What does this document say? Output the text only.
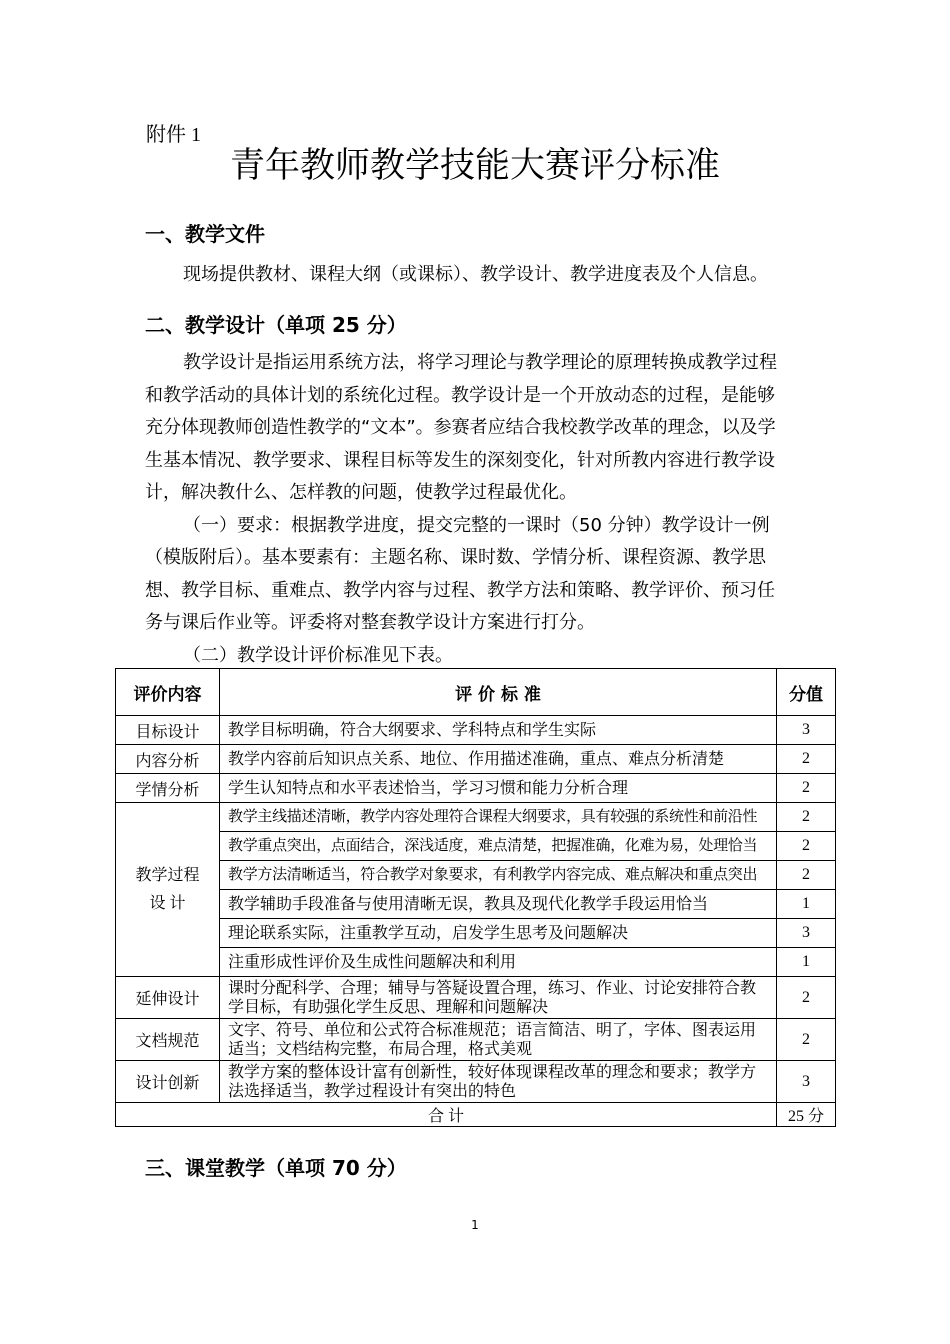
附件 1
青年教师教学技能大赛评分标准
一、教学文件
现场提供教材、课程大纲（或课标）、教学设计、教学进度表及个人信息。
二、教学设计（单项 25 分）
教学设计是指运用系统方法，将学习理论与教学理论的原理转换成教学过程
和教学活动的具体计划的系统化过程。教学设计是一个开放动态的过程，是能够
充分体现教师创造性教学的“文本”。参赛者应结合我校教学改革的理念，以及学
生基本情况、教学要求、课程目标等发生的深刻变化，针对所教内容进行教学设
计，解决教什么、怎样教的问题，使教学过程最优化。
（一）要求：根据教学进度，提交完整的一课时（50 分钟）教学设计一例
（模版附后）。基本要素有：主题名称、课时数、学情分析、课程资源、教学思
想、教学目标、重难点、教学内容与过程、教学方法和策略、教学评价、预习任
务与课后作业等。评委将对整套教学设计方案进行打分。
（二）教学设计评价标准见下表。
评价内容	评 价 标 准	分值
目标设计	教学目标明确，符合大纲要求、学科特点和学生实际	3
内容分析	教学内容前后知识点关系、地位、作用描述准确，重点、难点分析清楚	2
学情分析	学生认知特点和水平表述恰当，学习习惯和能力分析合理	2
教学过程 设 计	教学主线描述清晰，教学内容处理符合课程大纲要求，具有较强的系统性和前沿性	2
	教学重点突出，点面结合，深浅适度，难点清楚，把握准确，化难为易，处理恰当	2
	教学方法清晰适当，符合教学对象要求，有利教学内容完成、难点解决和重点突出	2
	教学辅助手段准备与使用清晰无误，教具及现代化教学手段运用恰当	1
	理论联系实际，注重教学互动，启发学生思考及问题解决	3
	注重形成性评价及生成性问题解决和利用	1
延伸设计	课时分配科学、合理；辅导与答疑设置合理，练习、作业、讨论安排符合教学目标，有助强化学生反思、理解和问题解决	2
文档规范	文字、符号、单位和公式符合标准规范；语言简洁、明了，字体、图表运用适当；文档结构完整，布局合理，格式美观	2
设计创新	教学方案的整体设计富有创新性，较好体现课程改革的理念和要求；教学方法选择适当，教学过程设计有突出的特色	3
合 计		25 分
三、课堂教学（单项 70 分）
1
